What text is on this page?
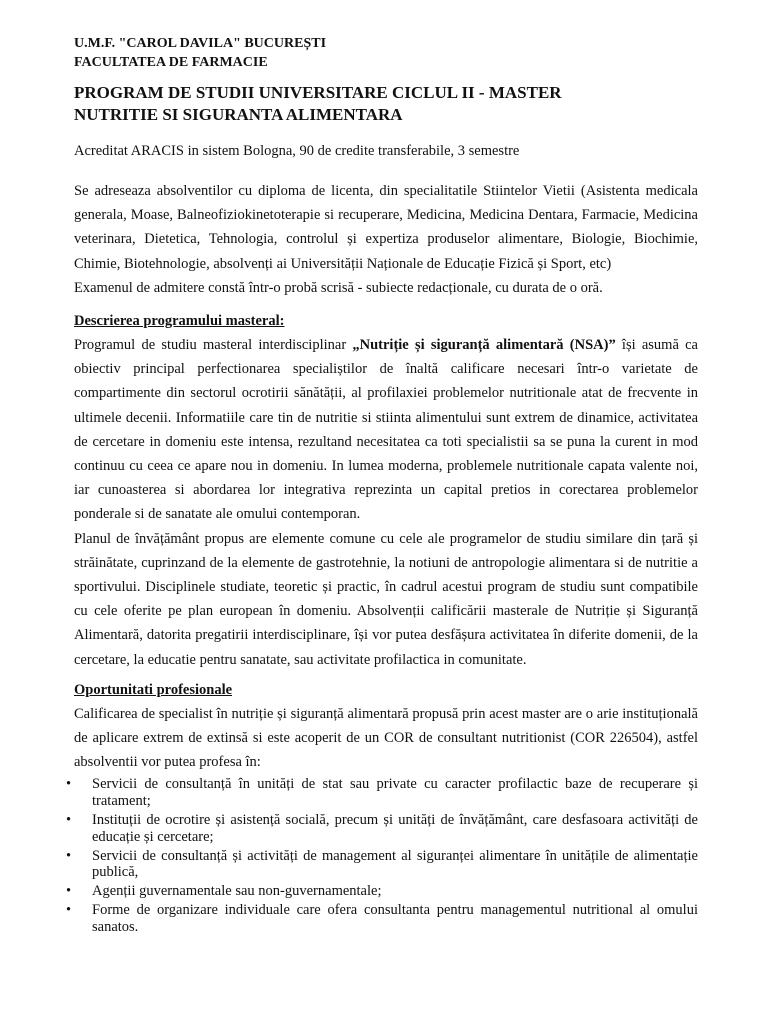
U.M.F. "CAROL DAVILA" BUCUREȘTI

FACULTATEA DE FARMACIE

PROGRAM DE STUDII UNIVERSITARE CICLUL II - MASTER
NUTRITIE SI SIGURANTA ALIMENTARA

Acreditat ARACIS in sistem Bologna, 90 de credite transferabile, 3 semestre

Se adreseaza absolventilor cu diploma de licenta, din specialitatile Stiintelor Vietii (Asistenta medicala generala, Moase, Balneofiziokinetoterapie si recuperare, Medicina, Medicina Dentara, Farmacie, Medicina veterinara, Dietetica, Tehnologia, controlul și expertiza produselor alimentare, Biologie, Biochimie, Chimie, Biotehnologie, absolvenți ai Universității Naționale de Educație Fizică și Sport, etc)

Examenul de admitere constă într-o probă scrisă - subiecte redacționale, cu durata de o oră.

Descrierea programului masteral:

Programul de studiu masteral interdisciplinar „Nutriție și siguranță alimentară (NSA)” își asumă ca obiectiv principal perfectionarea specialiștilor de înaltă calificare necesari într-o varietate de compartimente din sectorul ocrotirii sănătății, al profilaxiei problemelor nutritionale atat de frecvente in ultimele decenii. Informatiile care tin de nutritie si stiinta alimentului sunt extrem de dinamice, activitatea de cercetare in domeniu este intensa, rezultand necesitatea ca toti specialistii sa se puna la curent in mod continuu cu ceea ce apare nou in domeniu. In lumea moderna, problemele nutritionale capata valente noi, iar cunoasterea si abordarea lor integrativa reprezinta un capital pretios in corectarea problemelor ponderale si de sanatate ale omului contemporan.

Planul de învățământ propus are elemente comune cu cele ale programelor de studiu similare din țară și străinătate, cuprinzand de la elemente de gastrotehnie, la notiuni de antropologie alimentara si de nutritie a sportivului. Disciplinele studiate, teoretic și practic, în cadrul acestui program de studiu sunt compatibile cu cele oferite pe plan european în domeniu. Absolvenții calificării masterale de Nutriție și Siguranță Alimentară, datorita pregatirii interdisciplinare, își vor putea desfășura activitatea în diferite domenii, de la cercetare, la educatie pentru sanatate, sau activitate profilactica in comunitate.

Oportunitati profesionale

Calificarea de specialist în nutriție și siguranță alimentară propusă prin acest master are o arie instituțională de aplicare extrem de extinsă si este acoperit de un COR de consultant nutritionist (COR 226504), astfel absolventii vor putea profesa în:

• Servicii de consultanță în unități de stat sau private cu caracter profilactic baze de recuperare și tratament;
• Instituții de ocrotire și asistență socială, precum și unități de învățământ, care desfasoara activități de educație și cercetare;
• Servicii de consultanță și activități de management al siguranței alimentare în unitățile de alimentație publică,
• Agenții guvernamentale sau non-guvernamentale;
• Forme de organizare individuale care ofera consultanta pentru managementul nutritional al omului sanatos.
